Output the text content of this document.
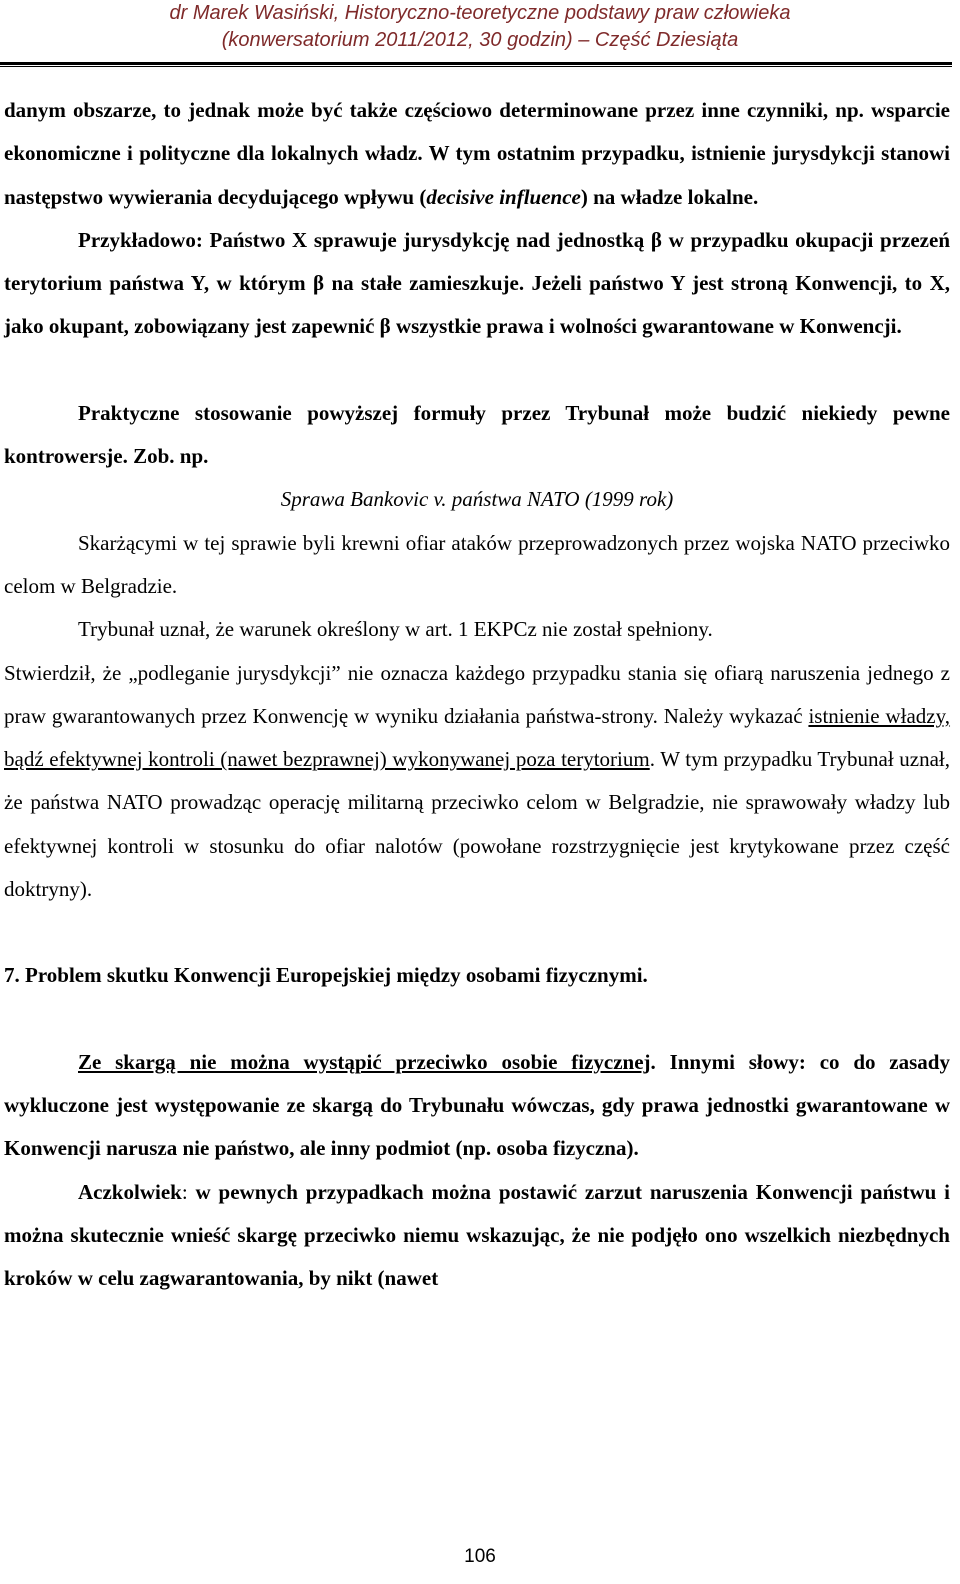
dr Marek Wasiński, Historyczno-teoretyczne podstawy praw człowieka
(konwersatorium 2011/2012, 30 godzin) – Część Dziesiąta

danym obszarze, to jednak może być także częściowo determinowane przez inne czynniki, np. wsparcie ekonomiczne i polityczne dla lokalnych władz. W tym ostatnim przypadku, istnienie jurysdykcji stanowi następstwo wywierania decydującego wpływu (decisive influence) na władze lokalne.

Przykładowo: Państwo X sprawuje jurysdykcję nad jednostką β w przypadku okupacji przezeń terytorium państwa Y, w którym β na stałe zamieszkuje. Jeżeli państwo Y jest stroną Konwencji, to X, jako okupant, zobowiązany jest zapewnić β wszystkie prawa i wolności gwarantowane w Konwencji.

Praktyczne stosowanie powyższej formuły przez Trybunał może budzić niekiedy pewne kontrowersje. Zob. np.

Sprawa Bankovic v. państwa NATO (1999 rok)

Skarżącymi w tej sprawie byli krewni ofiar ataków przeprowadzonych przez wojska NATO przeciwko celom w Belgradzie.

Trybunał uznał, że warunek określony w art. 1 EKPCz nie został spełniony.

Stwierdził, że „podleganie jurysdykcji” nie oznacza każdego przypadku stania się ofiarą naruszenia jednego z praw gwarantowanych przez Konwencję w wyniku działania państwa-strony. Należy wykazać istnienie władzy, bądź efektywnej kontroli (nawet bezprawnej) wykonywanej poza terytorium. W tym przypadku Trybunał uznał, że państwa NATO prowadząc operację militarną przeciwko celom w Belgradzie, nie sprawowały władzy lub efektywnej kontroli w stosunku do ofiar nalotów (powołane rozstrzygnięcie jest krytykowane przez część doktryny).

7. Problem skutku Konwencji Europejskiej między osobami fizycznymi.

Ze skargą nie można wystąpić przeciwko osobie fizycznej. Innymi słowy: co do zasady wykluczone jest występowanie ze skargą do Trybunału wówczas, gdy prawa jednostki gwarantowane w Konwencji narusza nie państwo, ale inny podmiot (np. osoba fizyczna).

Aczkolwiek: w pewnych przypadkach można postawić zarzut naruszenia Konwencji państwu i można skutecznie wnieść skargę przeciwko niemu wskazując, że nie podjęło ono wszelkich niezbędnych kroków w celu zagwarantowania, by nikt (nawet

106
